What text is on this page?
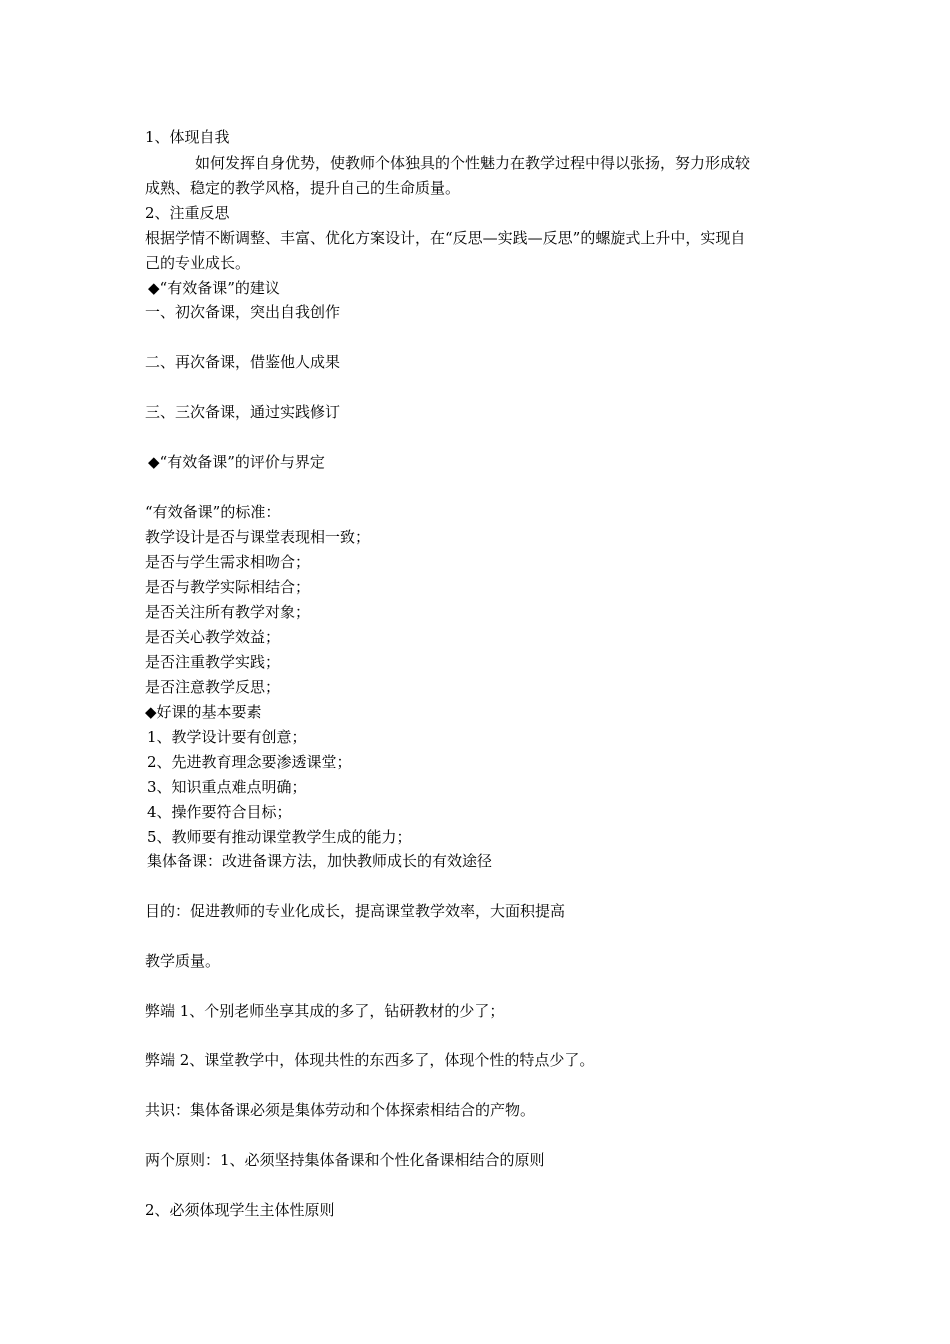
1、体现自我
如何发挥自身优势，使教师个体独具的个性魅力在教学过程中得以张扬，努力形成较
成熟、稳定的教学风格，提升自己的生命质量。
2、注重反思
根据学情不断调整、丰富、优化方案设计，在“反思—实践—反思”的螺旋式上升中，实现自
己的专业成长。
◆“有效备课”的建议
一、初次备课，突出自我创作
二、再次备课，借鉴他人成果
三、三次备课，通过实践修订
◆“有效备课”的评价与界定
“有效备课”的标准：
教学设计是否与课堂表现相一致；
是否与学生需求相吻合；
是否与教学实际相结合；
是否关注所有教学对象；
是否关心教学效益；
是否注重教学实践；
是否注意教学反思；
◆好课的基本要素
1、教学设计要有创意；
2、先进教育理念要渗透课堂；
3、知识重点难点明确；
4、操作要符合目标；
5、教师要有推动课堂教学生成的能力；
集体备课：改进备课方法，加快教师成长的有效途径
目的：促进教师的专业化成长，提高课堂教学效率，大面积提高
教学质量。
弊端 1、个别老师坐享其成的多了，钻研教材的少了；
弊端 2、课堂教学中，体现共性的东西多了，体现个性的特点少了。
共识：集体备课必须是集体劳动和个体探索相结合的产物。
两个原则：1、必须坚持集体备课和个性化备课相结合的原则
2、必须体现学生主体性原则
